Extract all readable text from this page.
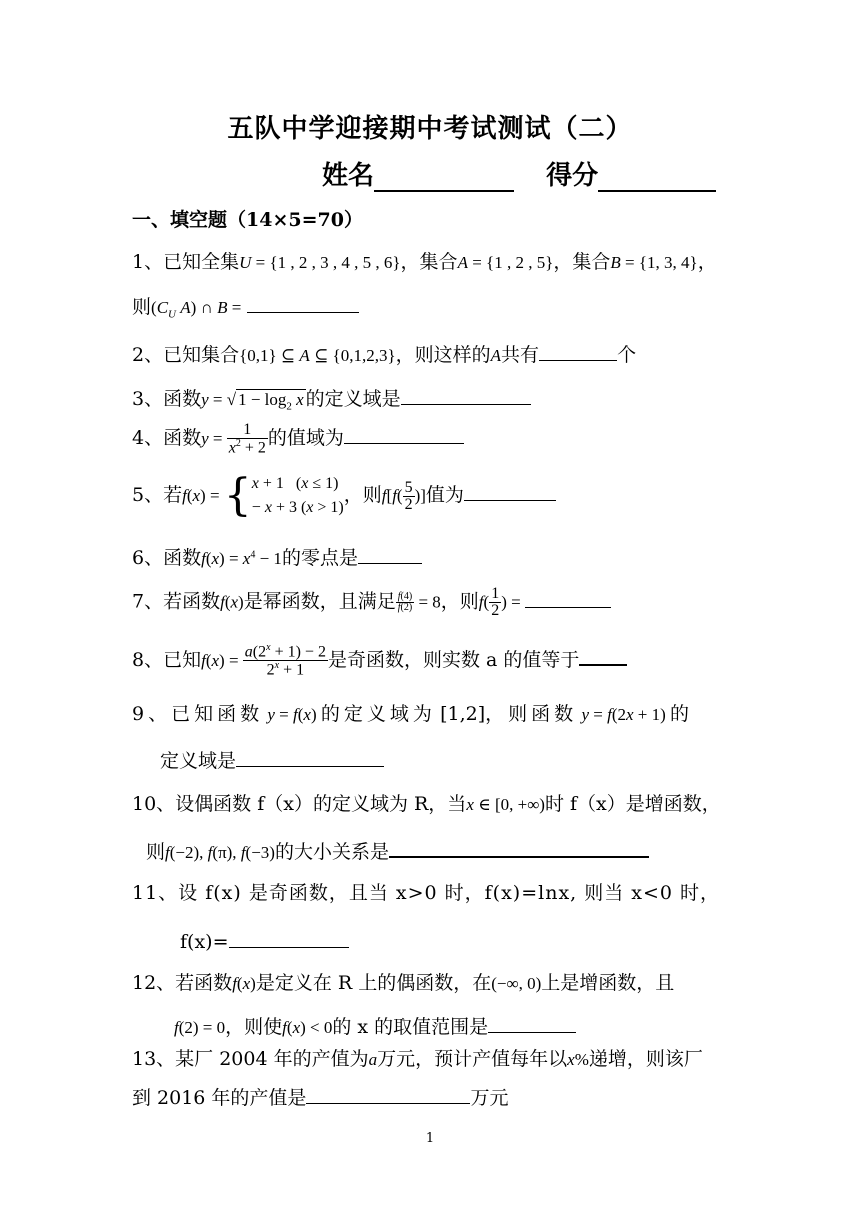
五队中学迎接期中考试测试（二）
姓名	得分
一、填空题（14×5=70）
1、已知全集U = {1 , 2 , 3 , 4 , 5 , 6}，集合A = {1 , 2 , 5}，集合B = {1, 3, 4}，
则($C_U$ A) ∩ B =
2、已知集合{0,1} ⊆ A ⊆ {0,1,2,3}，则这样的A共有	个
3、函数y = √ $1 - \log_2 x$ 的定义域是
4、函数$y = \frac{1}{x^2 + 2}$ 的值域为
5、若f(x) = { x + 1   (x ≤ 1)
− x + 3 (x > 1)
，则$f[f( \frac{5}{2}$ )]值为
6、函数$f(x) = x^4 - 1$的零点是
7、若函数f(x)是幂函数，且满足 $\frac{f(4)}{f(2)} = 8$，则$f( \frac{1}{2}$ ) =
8、已知$f(x) = \frac{a(2^x + 1) - 2}{2^x + 1}$ 是奇函数，则实数 a 的值等于
9、已知函数 y = f(x) 的定义域为 [1,2]，则函数 y = f(2x + 1) 的
定义域是
10、设偶函数 f（x）的定义域为 R，当x ∈ [0, +∞)时 f（x）是增函数，
则f(−2), f(π), f(−3)的大小关系是
11、设 f(x) 是奇函数，且当 x>0 时，f(x)=lnx, 则当 x<0 时，
f(x)=
12、若函数f(x)是定义在 R 上的偶函数，在(−∞, 0)上是增函数，且
f(2) = 0，则使f(x) < 0的 x 的取值范围是
13、某厂 2004 年的产值为a万元，预计产值每年以x%递增，则该厂
到 2016 年的产值是	万元
1
